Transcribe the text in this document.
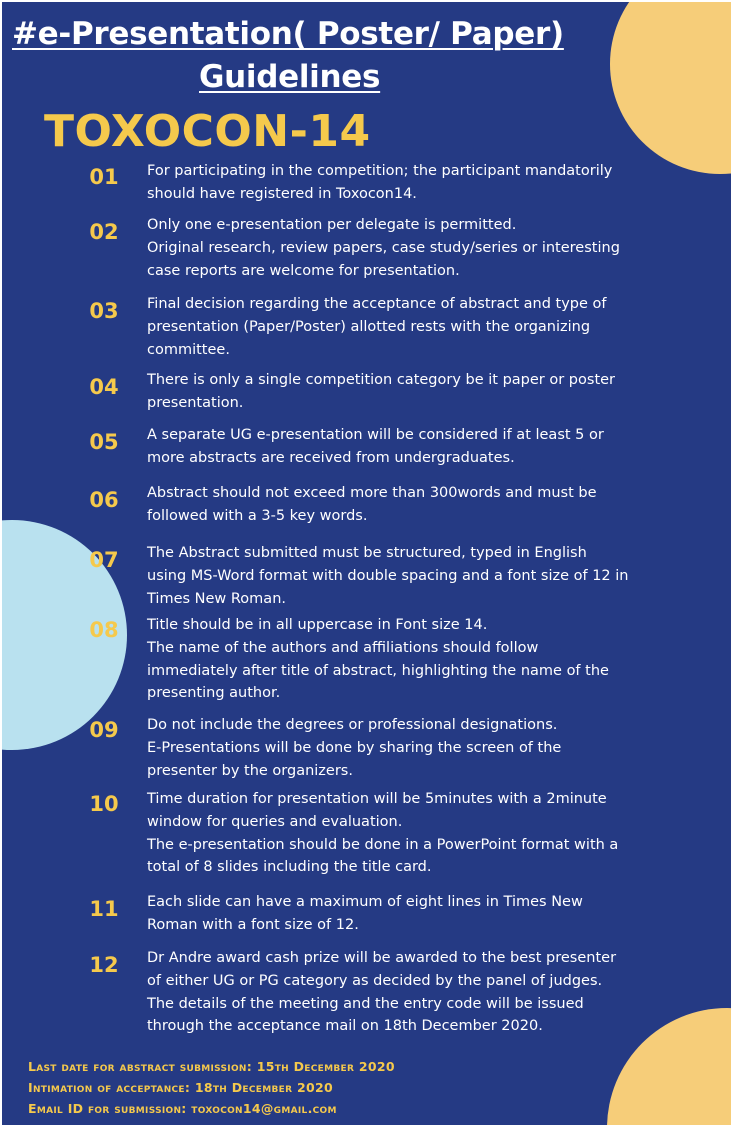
#e-Presentation( Poster/ Paper)
Guidelines
TOXOCON-14
01	For participating in the competition; the participant mandatorily
should have registered in Toxocon14.
02	Only one e-presentation per delegate is permitted.
Original research, review papers, case study/series or interesting
case reports are welcome for presentation.
03	Final decision regarding the acceptance of abstract and type of
presentation (Paper/Poster) allotted rests with the organizing
committee.
04	There is only a single competition category be it paper or poster
presentation.
05	A separate UG e-presentation will be considered if at least 5 or
more abstracts are received from undergraduates.
06	Abstract should not exceed more than 300words and must be
followed with a 3-5 key words.
07	The Abstract submitted must be structured, typed in English
using MS-Word format with double spacing and a font size of 12 in
Times New Roman.
08	Title should be in all uppercase in Font size 14.
The name of the authors and affiliations should follow
immediately after title of abstract, highlighting the name of the
presenting author.
09	Do not include the degrees or professional designations.
E-Presentations will be done by sharing the screen of the
presenter by the organizers.
10	Time duration for presentation will be 5minutes with a 2minute
window for queries and evaluation.
The e-presentation should be done in a PowerPoint format with a
total of 8 slides including the title card.
11	Each slide can have a maximum of eight lines in Times New
Roman with a font size of 12.
12	Dr Andre award cash prize will be awarded to the best presenter
of either UG or PG category as decided by the panel of judges.
The details of the meeting and the entry code will be issued
through the acceptance mail on 18th December 2020.
Last date for abstract submission: 15th December 2020
Intimation of acceptance: 18th December 2020
Email ID for submission: toxocon14@gmail.com
